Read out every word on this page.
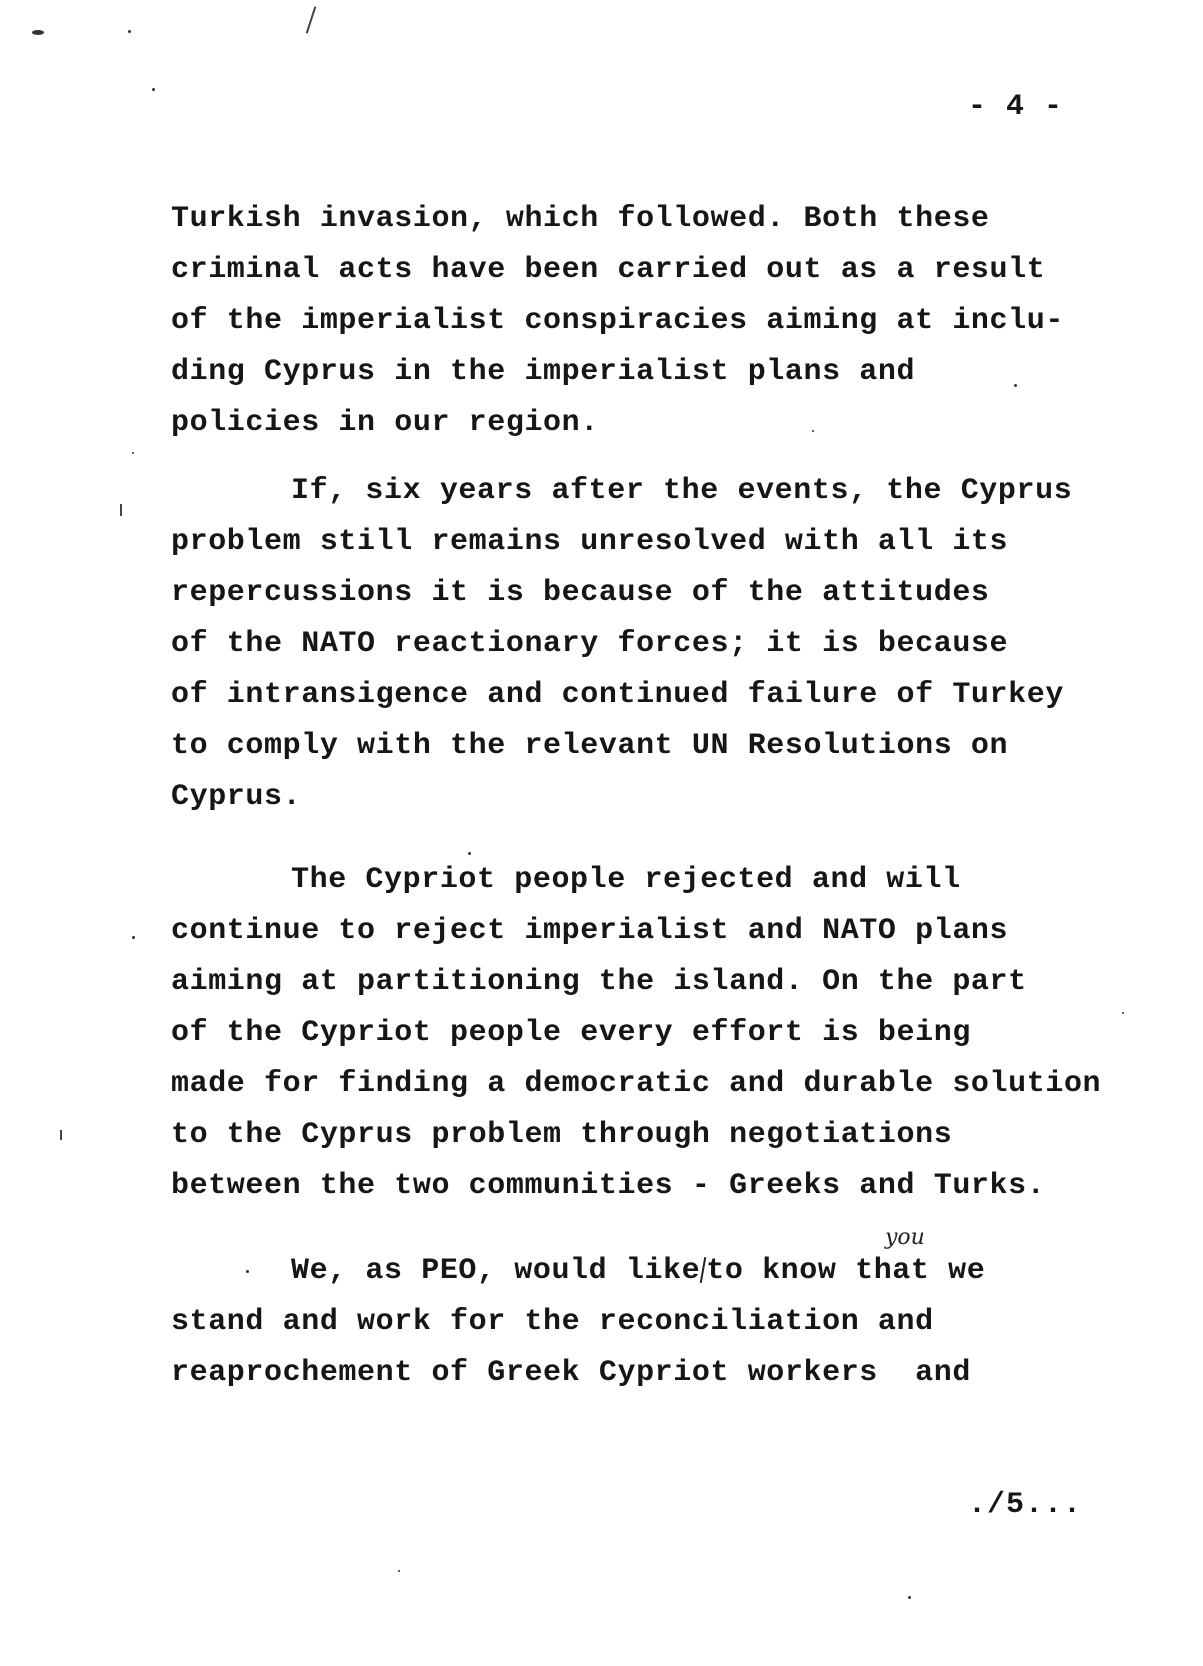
- 4 -
Turkish invasion, which followed. Both these
criminal acts have been carried out as a result
of the imperialist conspiracies aiming at inclu-
ding Cyprus in the imperialist plans and
policies in our region.
If, six years after the events, the Cyprus
problem still remains unresolved with all its
repercussions it is because of the attitudes
of the NATO reactionary forces; it is because
of intransigence and continued failure of Turkey
to comply with the relevant UN Resolutions on
Cyprus.
The Cypriot people rejected and will
continue to reject imperialist and NATO plans
aiming at partitioning the island. On the part
of the Cypriot people every effort is being
made for finding a democratic and durable solution
to the Cyprus problem through negotiations
between the two communities - Greeks and Turks.
We, as PEO, would like to know that we
you
stand and work for the reconciliation and
reaprochement of Greek Cypriot workers  and
./5...
